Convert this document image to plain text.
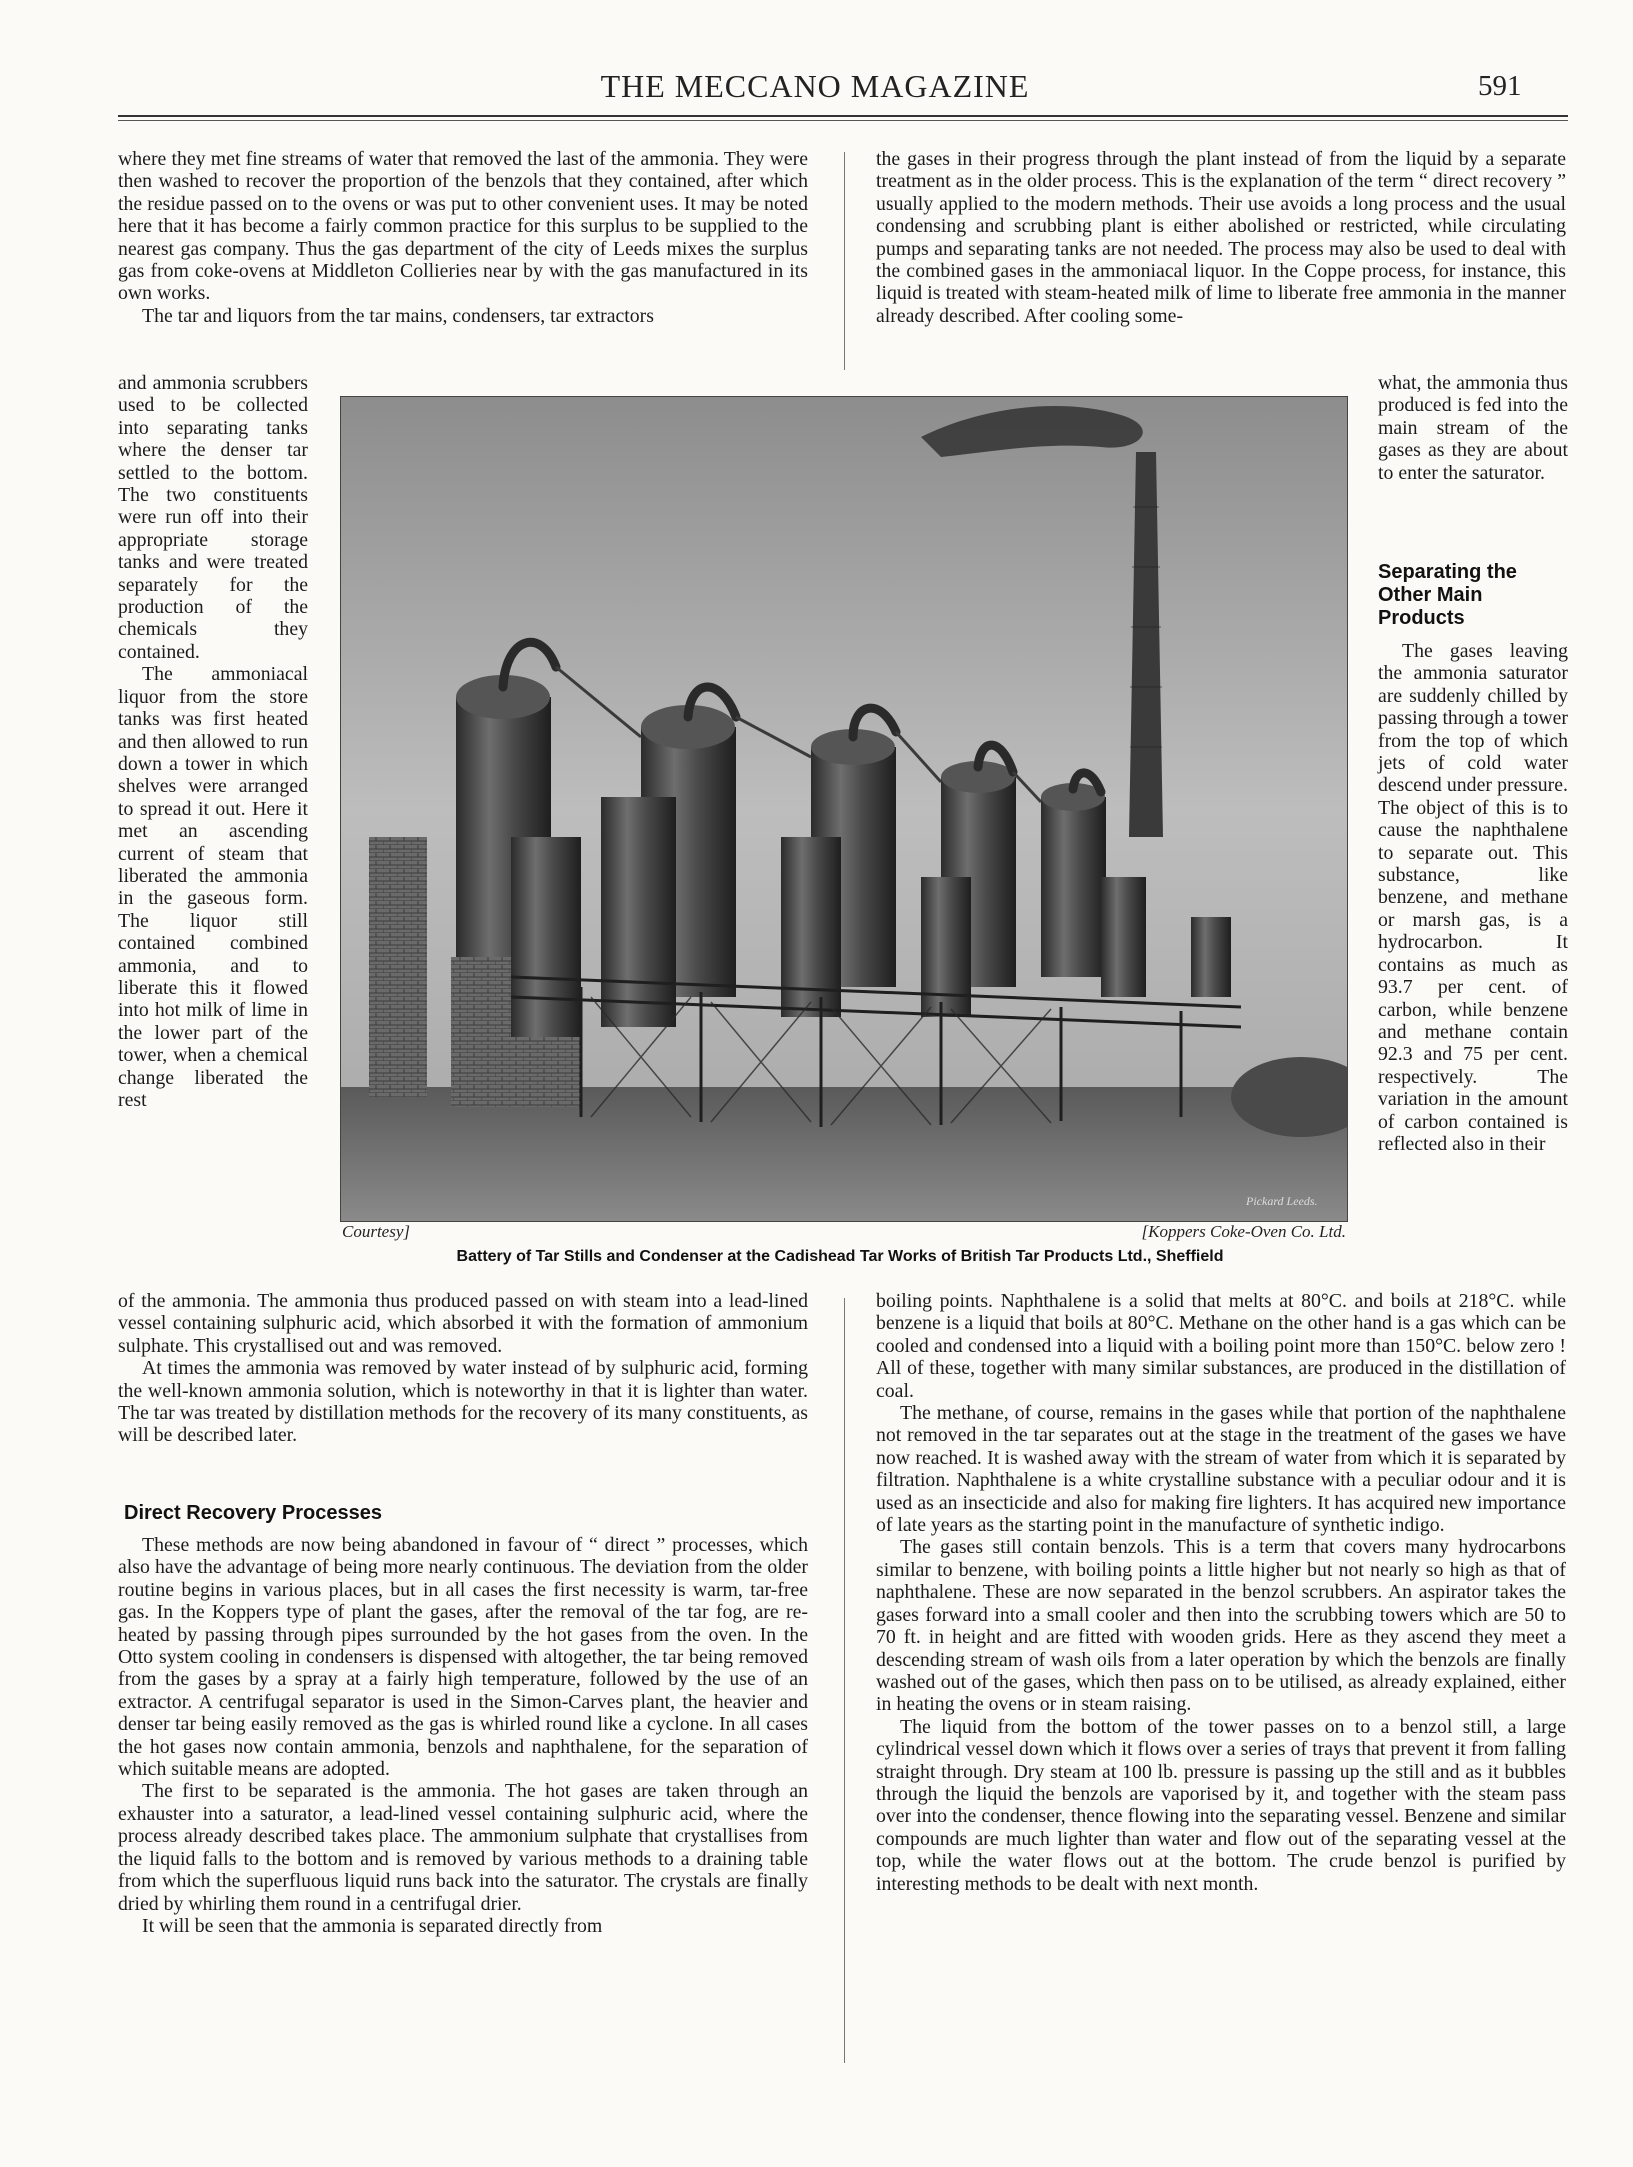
THE MECCANO MAGAZINE	591

where they met fine streams of water that removed the last of the ammonia. They were then washed to recover the proportion of the benzols that they contained, after which the residue passed on to the ovens or was put to other convenient uses. It may be noted here that it has become a fairly common practice for this surplus to be supplied to the nearest gas company. Thus the gas department of the city of Leeds mixes the surplus gas from coke-ovens at Middleton Collieries near by with the gas manufactured in its own works.

The tar and liquors from the tar mains, condensers, tar extractors

and ammonia scrubbers used to be collected into separating tanks where the denser tar settled to the bottom. The two constituents were run off into their appropriate storage tanks and were treated separately for the production of the chemicals they contained.

The ammoniacal liquor from the store tanks was first heated and then allowed to run down a tower in which shelves were arranged to spread it out. Here it met an ascending current of steam that liberated the ammonia in the gaseous form. The liquor still contained combined ammonia, and to liberate this it flowed into hot milk of lime in the lower part of the tower, when a chemical change liberated the rest

of the ammonia. The ammonia thus produced passed on with steam into a lead-lined vessel containing sulphuric acid, which absorbed it with the formation of ammonium sulphate. This crystallised out and was removed.

At times the ammonia was removed by water instead of by sulphuric acid, forming the well-known ammonia solution, which is noteworthy in that it is lighter than water. The tar was treated by distillation methods for the recovery of its many constituents, as will be described later.

Direct Recovery Processes

These methods are now being abandoned in favour of “ direct ” processes, which also have the advantage of being more nearly continuous. The deviation from the older routine begins in various places, but in all cases the first necessity is warm, tar-free gas. In the Koppers type of plant the gases, after the removal of the tar fog, are re-heated by passing through pipes surrounded by the hot gases from the oven. In the Otto system cooling in condensers is dispensed with altogether, the tar being removed from the gases by a spray at a fairly high temperature, followed by the use of an extractor. A centrifugal separator is used in the Simon-Carves plant, the heavier and denser tar being easily removed as the gas is whirled round like a cyclone. In all cases the hot gases now contain ammonia, benzols and naphthalene, for the separation of which suitable means are adopted.

The first to be separated is the ammonia. The hot gases are taken through an exhauster into a saturator, a lead-lined vessel containing sulphuric acid, where the process already described takes place. The ammonium sulphate that crystallises from the liquid falls to the bottom and is removed by various methods to a draining table from which the superfluous liquid runs back into the saturator. The crystals are finally dried by whirling them round in a centrifugal drier.

It will be seen that the ammonia is separated directly from

the gases in their progress through the plant instead of from the liquid by a separate treatment as in the older process. This is the explanation of the term “ direct recovery ” usually applied to the modern methods. Their use avoids a long process and the usual condensing and scrubbing plant is either abolished or restricted, while circulating pumps and separating tanks are not needed. The process may also be used to deal with the combined gases in the ammoniacal liquor. In the Coppe process, for instance, this liquid is treated with steam-heated milk of lime to liberate free ammonia in the manner already described. After cooling some-

what, the ammonia thus produced is fed into the main stream of the gases as they are about to enter the saturator.

Separating the Other Main Products

The gases leaving the ammonia saturator are suddenly chilled by passing through a tower from the top of which jets of cold water descend under pressure. The object of this is to cause the naphthalene to separate out. This substance, like benzene, and methane or marsh gas, is a hydrocarbon. It contains as much as 93.7 per cent. of carbon, while benzene and methane contain 92.3 and 75 per cent. respectively. The variation in the amount of carbon contained is reflected also in their

boiling points. Naphthalene is a solid that melts at 80°C. and boils at 218°C. while benzene is a liquid that boils at 80°C. Methane on the other hand is a gas which can be cooled and condensed into a liquid with a boiling point more than 150°C. below zero ! All of these, together with many similar substances, are produced in the distillation of coal.

The methane, of course, remains in the gases while that portion of the naphthalene not removed in the tar separates out at the stage in the treatment of the gases we have now reached. It is washed away with the stream of water from which it is separated by filtration. Naphthalene is a white crystalline substance with a peculiar odour and it is used as an insecticide and also for making fire lighters. It has acquired new importance of late years as the starting point in the manufacture of synthetic indigo.

The gases still contain benzols. This is a term that covers many hydrocarbons similar to benzene, with boiling points a little higher but not nearly so high as that of naphthalene. These are now separated in the benzol scrubbers. An aspirator takes the gases forward into a small cooler and then into the scrubbing towers which are 50 to 70 ft. in height and are fitted with wooden grids. Here as they ascend they meet a descending stream of wash oils from a later operation by which the benzols are finally washed out of the gases, which then pass on to be utilised, as already explained, either in heating the ovens or in steam raising.

The liquid from the bottom of the tower passes on to a benzol still, a large cylindrical vessel down which it flows over a series of trays that prevent it from falling straight through. Dry steam at 100 lb. pressure is passing up the still and as it bubbles through the liquid the benzols are vaporised by it, and together with the steam pass over into the condenser, thence flowing into the separating vessel. Benzene and similar compounds are much lighter than water and flow out of the separating vessel at the top, while the water flows out at the bottom. The crude benzol is purified by interesting methods to be dealt with next month.

Pickard Leeds.
Courtesy]	[Koppers Coke-Oven Co. Ltd.
Battery of Tar Stills and Condenser at the Cadishead Tar Works of British Tar Products Ltd., Sheffield
